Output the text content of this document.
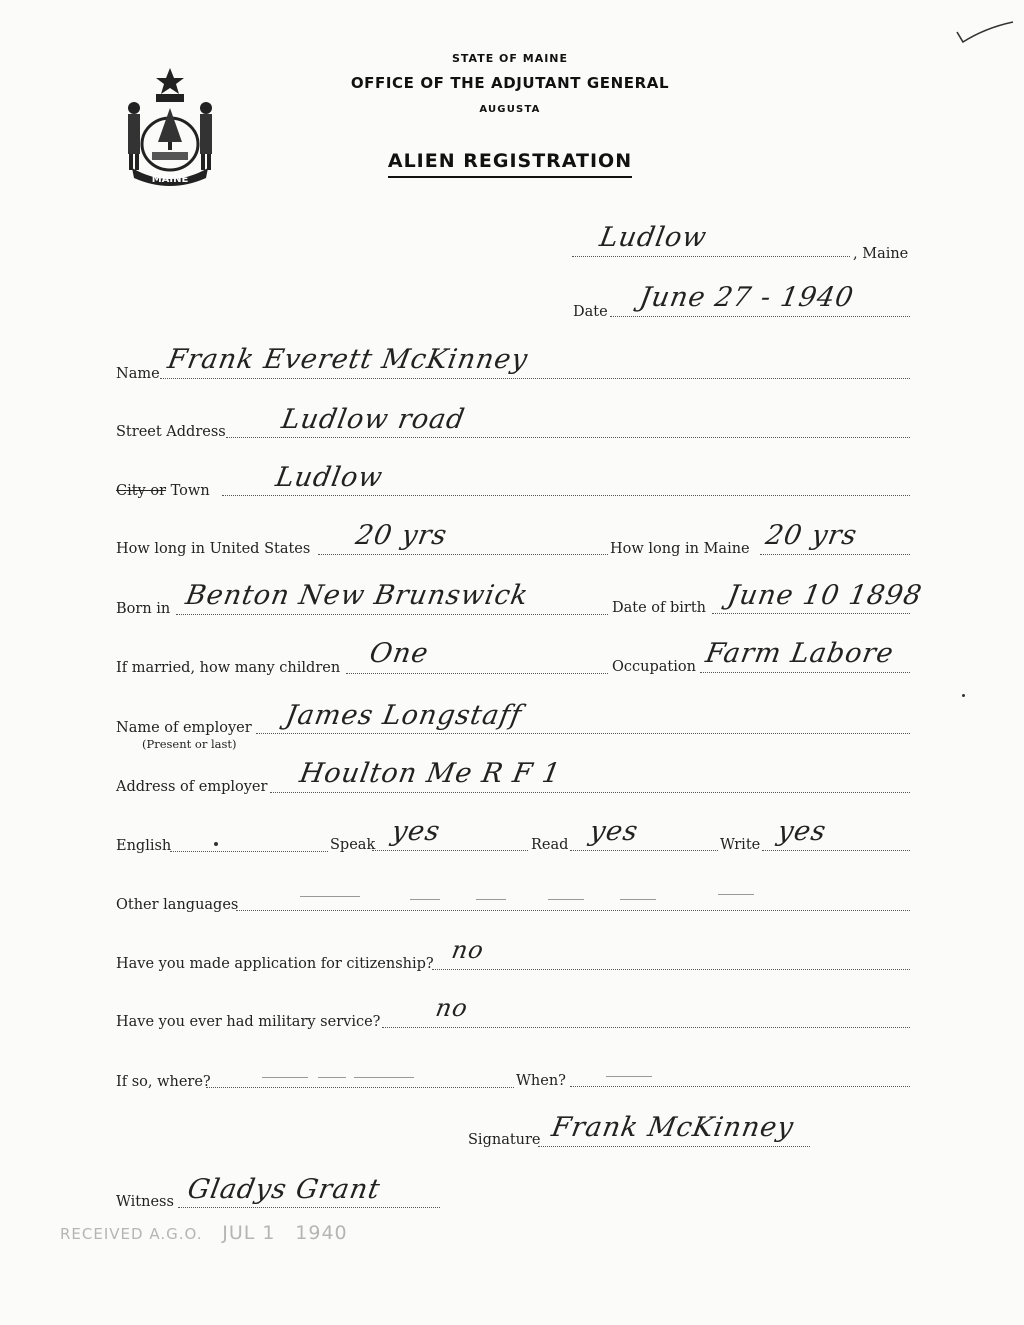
MAINE
STATE OF MAINE
OFFICE OF THE ADJUTANT GENERAL
AUGUSTA
ALIEN REGISTRATION
Ludlow
, Maine
Date June 27 - 1940
Name Frank Everett McKinney
Street Address Ludlow road
City or Town Ludlow
How long in United States 20 yrs	How long in Maine 20 yrs
Born in Benton New Brunswick	Date of birth June 10 1898
If married, how many children One	Occupation Farm Labore
Name of employer
(Present or last)
James Longstaff
Address of employer Houlton Me R F 1
English	Speak yes	Read yes	Write yes
Other languages
Have you made application for citizenship? no
Have you ever had military service? no
If so, where?	When?
Signature Frank McKinney
Witness Gladys Grant
RECEIVED A.G.O. JUL 1 1940
